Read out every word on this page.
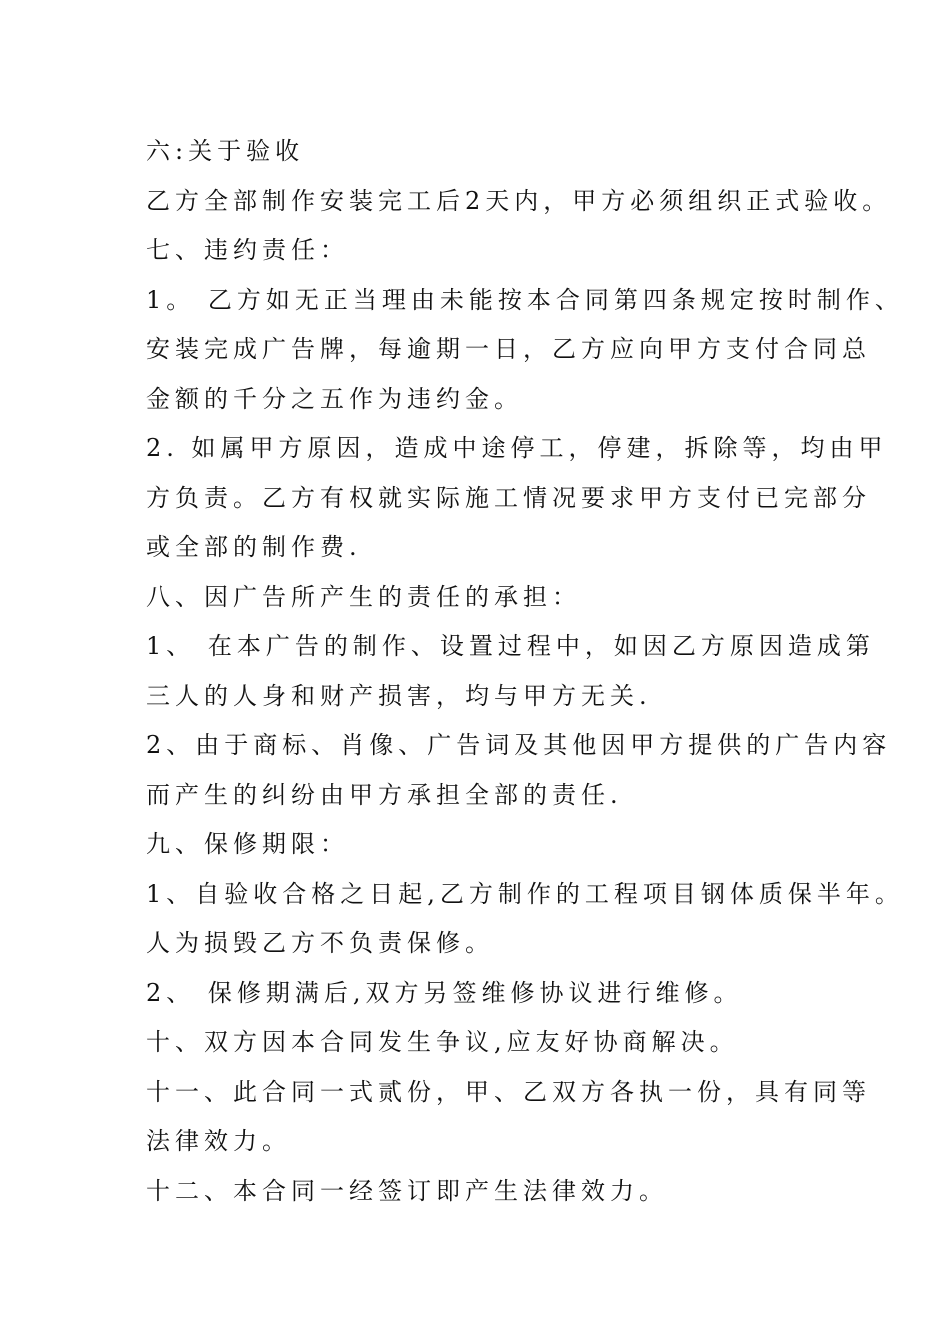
六:关于验收
乙方全部制作安装完工后2天内，甲方必须组织正式验收。
七、违约责任：
1。 乙方如无正当理由未能按本合同第四条规定按时制作、
安装完成广告牌，每逾期一日，乙方应向甲方支付合同总
金额的千分之五作为违约金。
2. 如属甲方原因，造成中途停工，停建，拆除等，均由甲
方负责。乙方有权就实际施工情况要求甲方支付已完部分
或全部的制作费.
八、因广告所产生的责任的承担：
1、 在本广告的制作、设置过程中，如因乙方原因造成第
三人的人身和财产损害，均与甲方无关.
2、由于商标、肖像、广告词及其他因甲方提供的广告内容
而产生的纠纷由甲方承担全部的责任.
九、保修期限：
1、自验收合格之日起,乙方制作的工程项目钢体质保半年。
人为损毁乙方不负责保修。
2、 保修期满后,双方另签维修协议进行维修。
十、双方因本合同发生争议,应友好协商解决。
十一、此合同一式贰份，甲、乙双方各执一份，具有同等
法律效力。
十二、本合同一经签订即产生法律效力。
